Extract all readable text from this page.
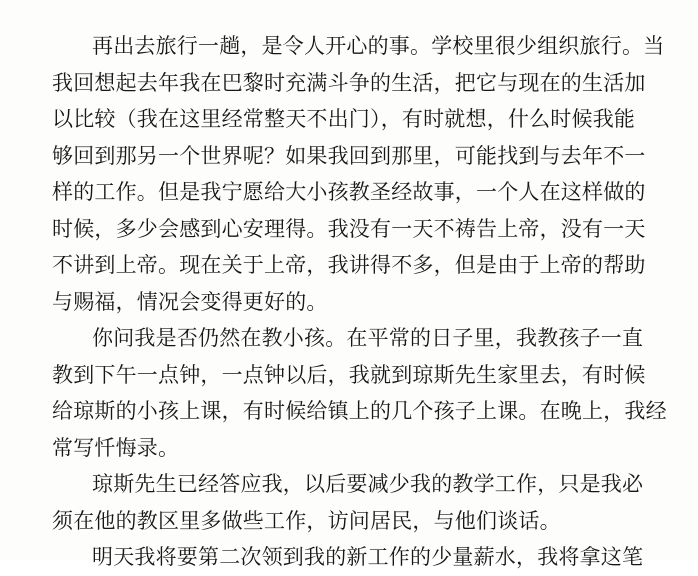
再出去旅行一趟，是令人开心的事。学校里很少组织旅行。当
我回想起去年我在巴黎时充满斗争的生活，把它与现在的生活加
以比较（我在这里经常整天不出门），有时就想，什么时候我能
够回到那另一个世界呢？如果我回到那里，可能找到与去年不一
样的工作。但是我宁愿给大小孩教圣经故事，一个人在这样做的
时候，多少会感到心安理得。我没有一天不祷告上帝，没有一天
不讲到上帝。现在关于上帝，我讲得不多，但是由于上帝的帮助
与赐福，情况会变得更好的。
你问我是否仍然在教小孩。在平常的日子里，我教孩子一直
教到下午一点钟，一点钟以后，我就到琼斯先生家里去，有时候
给琼斯的小孩上课，有时候给镇上的几个孩子上课。在晚上，我经
常写忏悔录。
琼斯先生已经答应我，以后要减少我的教学工作，只是我必
须在他的教区里多做些工作，访问居民，与他们谈话。
明天我将要第二次领到我的新工作的少量薪水，我将拿这笔
